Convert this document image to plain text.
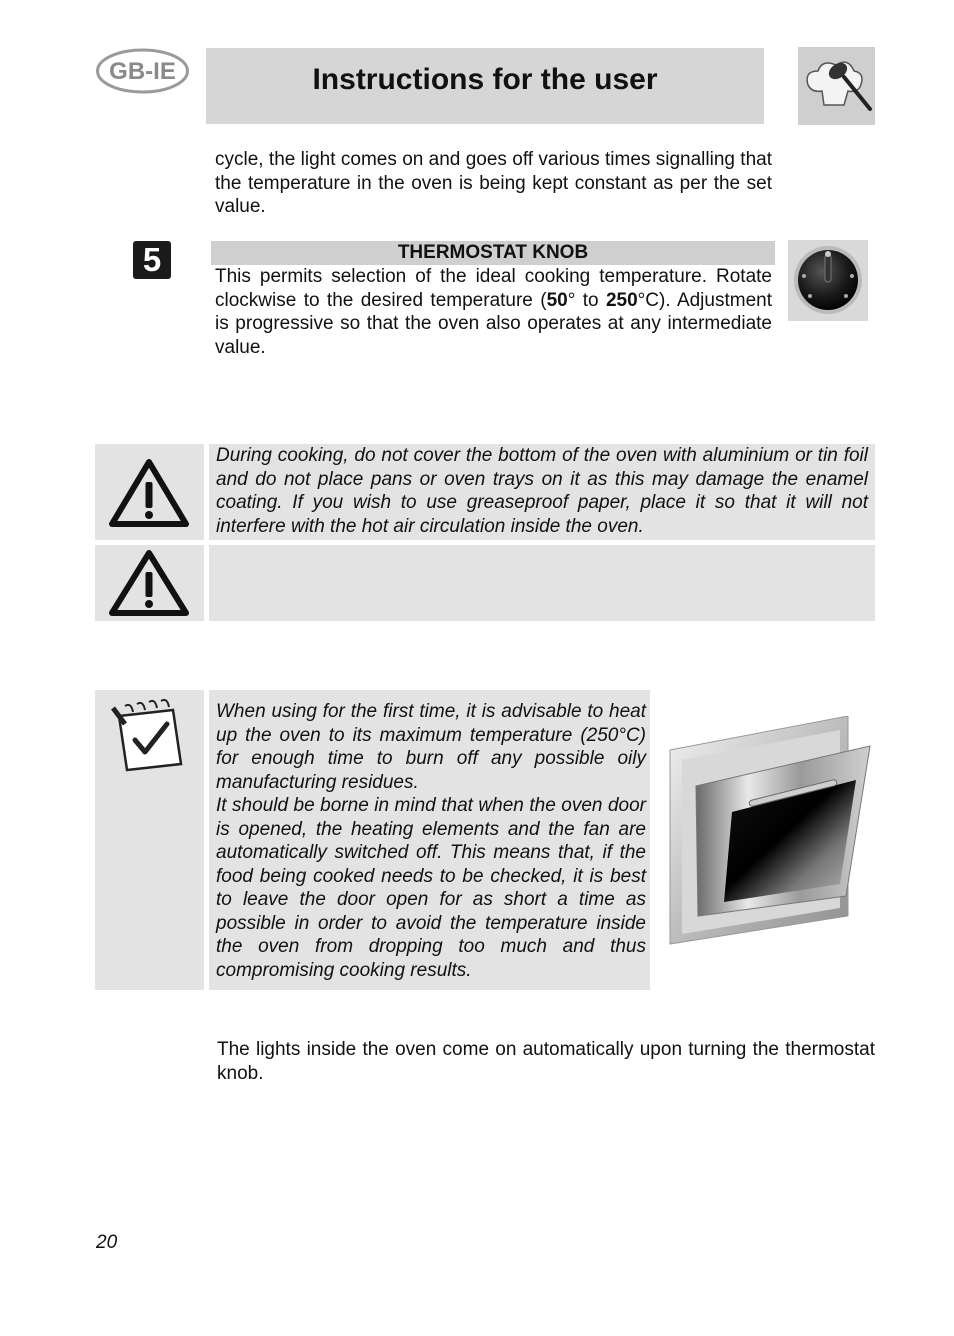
GB-IE	Instructions for the user
cycle, the light comes on and goes off various times signalling that the temperature in the oven is being kept constant as per the set value.
5	THERMOSTAT KNOB
This permits selection of the ideal cooking temperature. Rotate clockwise to the desired temperature (50° to 250°C). Adjustment is progressive so that the oven also operates at any intermediate value.
During cooking, do not cover the bottom of the oven with aluminium or tin foil and do not place pans or oven trays on it as this may damage the enamel coating. If you wish to use greaseproof paper, place it so that it will not interfere with the hot air circulation inside the oven.

When using for the first time, it is advisable to heat up the oven to its maximum temperature (250°C) for enough time to burn off any possible oily manufacturing residues.

It should be borne in mind that when the oven door is opened, the heating elements and the fan are automatically switched off. This means that, if the food being cooked needs to be checked, it is best to leave the door open for as short a time as possible in order to avoid the temperature inside the oven from dropping too much and thus compromising cooking results.

The lights inside the oven come on automatically upon turning the thermostat knob.
20
